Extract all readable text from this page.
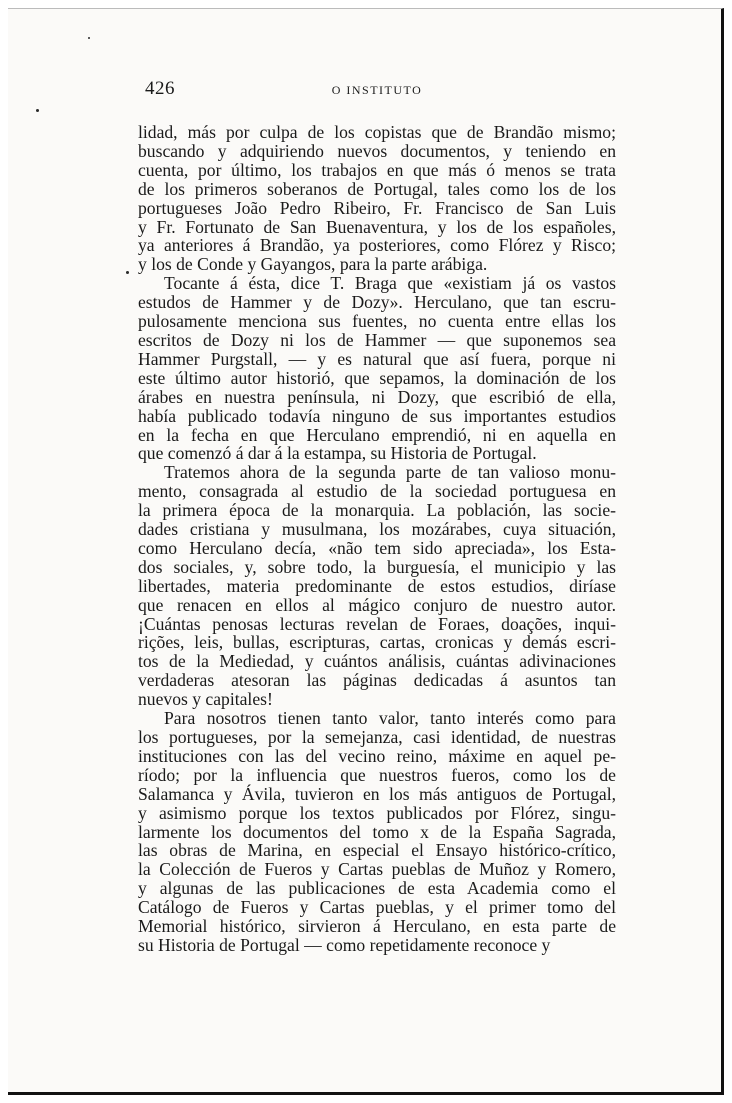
426	O INSTITUTO
lidad, más por culpa de los copistas que de Brandão mismo;
buscando y adquiriendo nuevos documentos, y teniendo en
cuenta, por último, los trabajos en que más ó menos se trata
de los primeros soberanos de Portugal, tales como los de los
portugueses João Pedro Ribeiro, Fr. Francisco de San Luis
y Fr. Fortunato de San Buenaventura, y los de los españoles,
ya anteriores á Brandão, ya posteriores, como Flórez y Risco;
y los de Conde y Gayangos, para la parte arábiga.
Tocante á ésta, dice T. Braga que «existiam já os vastos
estudos de Hammer y de Dozy». Herculano, que tan escru-
pulosamente menciona sus fuentes, no cuenta entre ellas los
escritos de Dozy ni los de Hammer — que suponemos sea
Hammer Purgstall, — y es natural que así fuera, porque ni
este último autor historió, que sepamos, la dominación de los
árabes en nuestra península, ni Dozy, que escribió de ella,
había publicado todavía ninguno de sus importantes estudios
en la fecha en que Herculano emprendió, ni en aquella en
que comenzó á dar á la estampa, su Historia de Portugal.
Tratemos ahora de la segunda parte de tan valioso monu-
mento, consagrada al estudio de la sociedad portuguesa en
la primera época de la monarquia. La población, las socie-
dades cristiana y musulmana, los mozárabes, cuya situación,
como Herculano decía, «não tem sido apreciada», los Esta-
dos sociales, y, sobre todo, la burguesía, el municipio y las
libertades, materia predominante de estos estudios, diríase
que renacen en ellos al mágico conjuro de nuestro autor.
¡Cuántas penosas lecturas revelan de Foraes, doações, inqui-
rições, leis, bullas, escripturas, cartas, cronicas y demás escri-
tos de la Mediedad, y cuántos análisis, cuántas adivinaciones
verdaderas atesoran las páginas dedicadas á asuntos tan
nuevos y capitales!
Para nosotros tienen tanto valor, tanto interés como para
los portugueses, por la semejanza, casi identidad, de nuestras
instituciones con las del vecino reino, máxime en aquel pe-
ríodo; por la influencia que nuestros fueros, como los de
Salamanca y Ávila, tuvieron en los más antiguos de Portugal,
y asimismo porque los textos publicados por Flórez, singu-
larmente los documentos del tomo x de la España Sagrada,
las obras de Marina, en especial el Ensayo histórico-crítico,
la Colección de Fueros y Cartas pueblas de Muñoz y Romero,
y algunas de las publicaciones de esta Academia como el
Catálogo de Fueros y Cartas pueblas, y el primer tomo del
Memorial histórico, sirvieron á Herculano, en esta parte de
su Historia de Portugal — como repetidamente reconoce y
